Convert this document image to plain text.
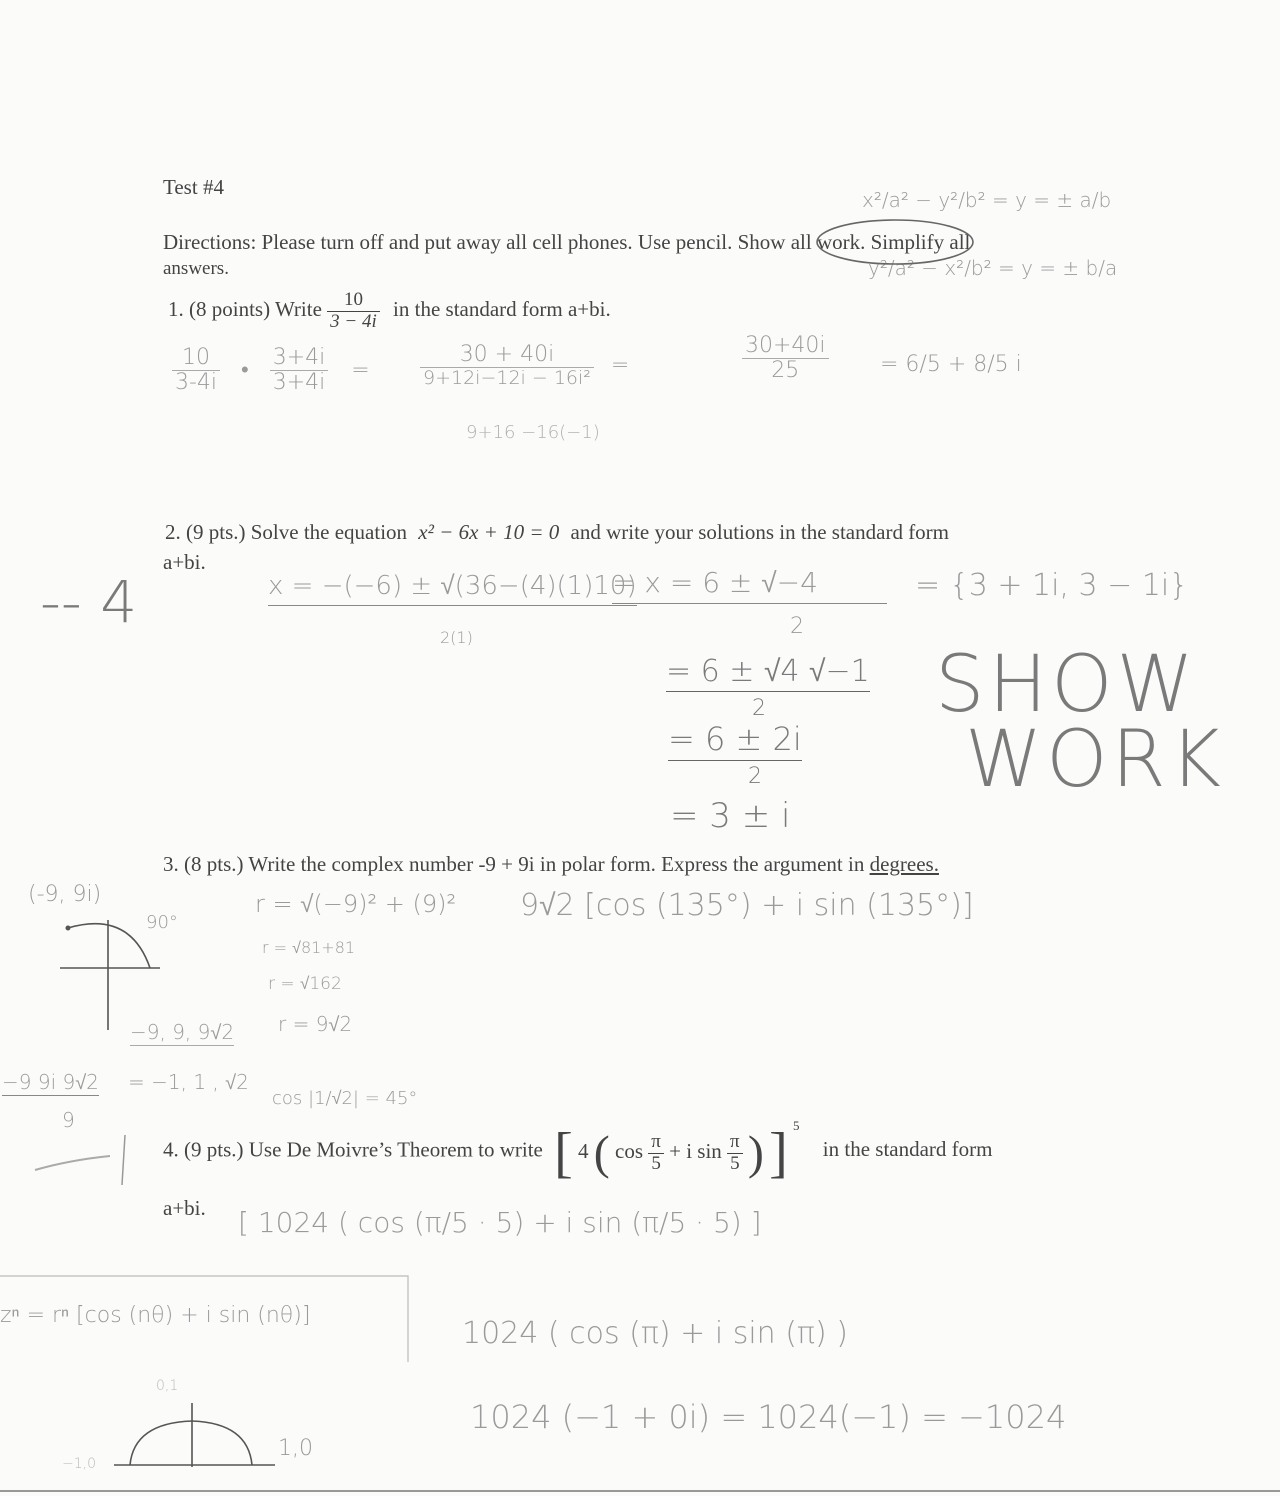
Test #4
Directions: Please turn off and put away all cell phones. Use pencil. Show all work. Simplify all
answers.
1. (8 points) Write $\frac{10}{3 - 4i}$ in the standard form a+bi.
2. (9 pts.) Solve the equation x² − 6x + 10 = 0 and write your solutions in the standard form
a+bi.
3. (8 pts.) Write the complex number -9 + 9i in polar form. Express the argument in degrees.
4. (9 pts.) Use De Moivre’s Theorem to write [ 4 ( $\cos \frac{\pi}{5} + i$ $\sin \frac{\pi}{5}$ ) ] $^5$ in the standard form
a+bi.
x²/a² − y²/b² = y = ± a/b
y²/a² − x²/b² = y = ± b/a
$\frac{10}{3-4i}$ • $\frac{3+4i}{3+4i}$ =	$\frac{30 + 40i}{\text{9+12i−12i − 16i²}}$ =
9+16 −16(−1)
$\frac{30+40i}{25} = 6/5 + 8/5$ i
-- 4	x = −(−6) ± √(36−(4)(1)10)
2(1)
= x = 6 ± √−4
2
= {3 + 1i, 3 − 1i}
= 6 ± √4 √−1
2
= 6 ± 2i
2
= 3 ± i
SHOW
WORK
(-9, 9i)
90°
r = √(−9)² + (9)²
r = √81+81
r = √162
r = 9√2
9√2 [cos (135°) + i sin (135°)]
−9, 9, 9√2
−9 9i 9√2 = −1, 1 , √2
9
cos |1/√2| = 45°
[ 1024 ( cos (π/5 · 5) + i sin (π/5 · 5) ]
zⁿ = rⁿ [cos (nθ) + i sin (nθ)]
1024 ( cos (π) + i sin (π) )
1024 (−1 + 0i) = 1024(−1) = −1024
0,1
1,0
−1,0
